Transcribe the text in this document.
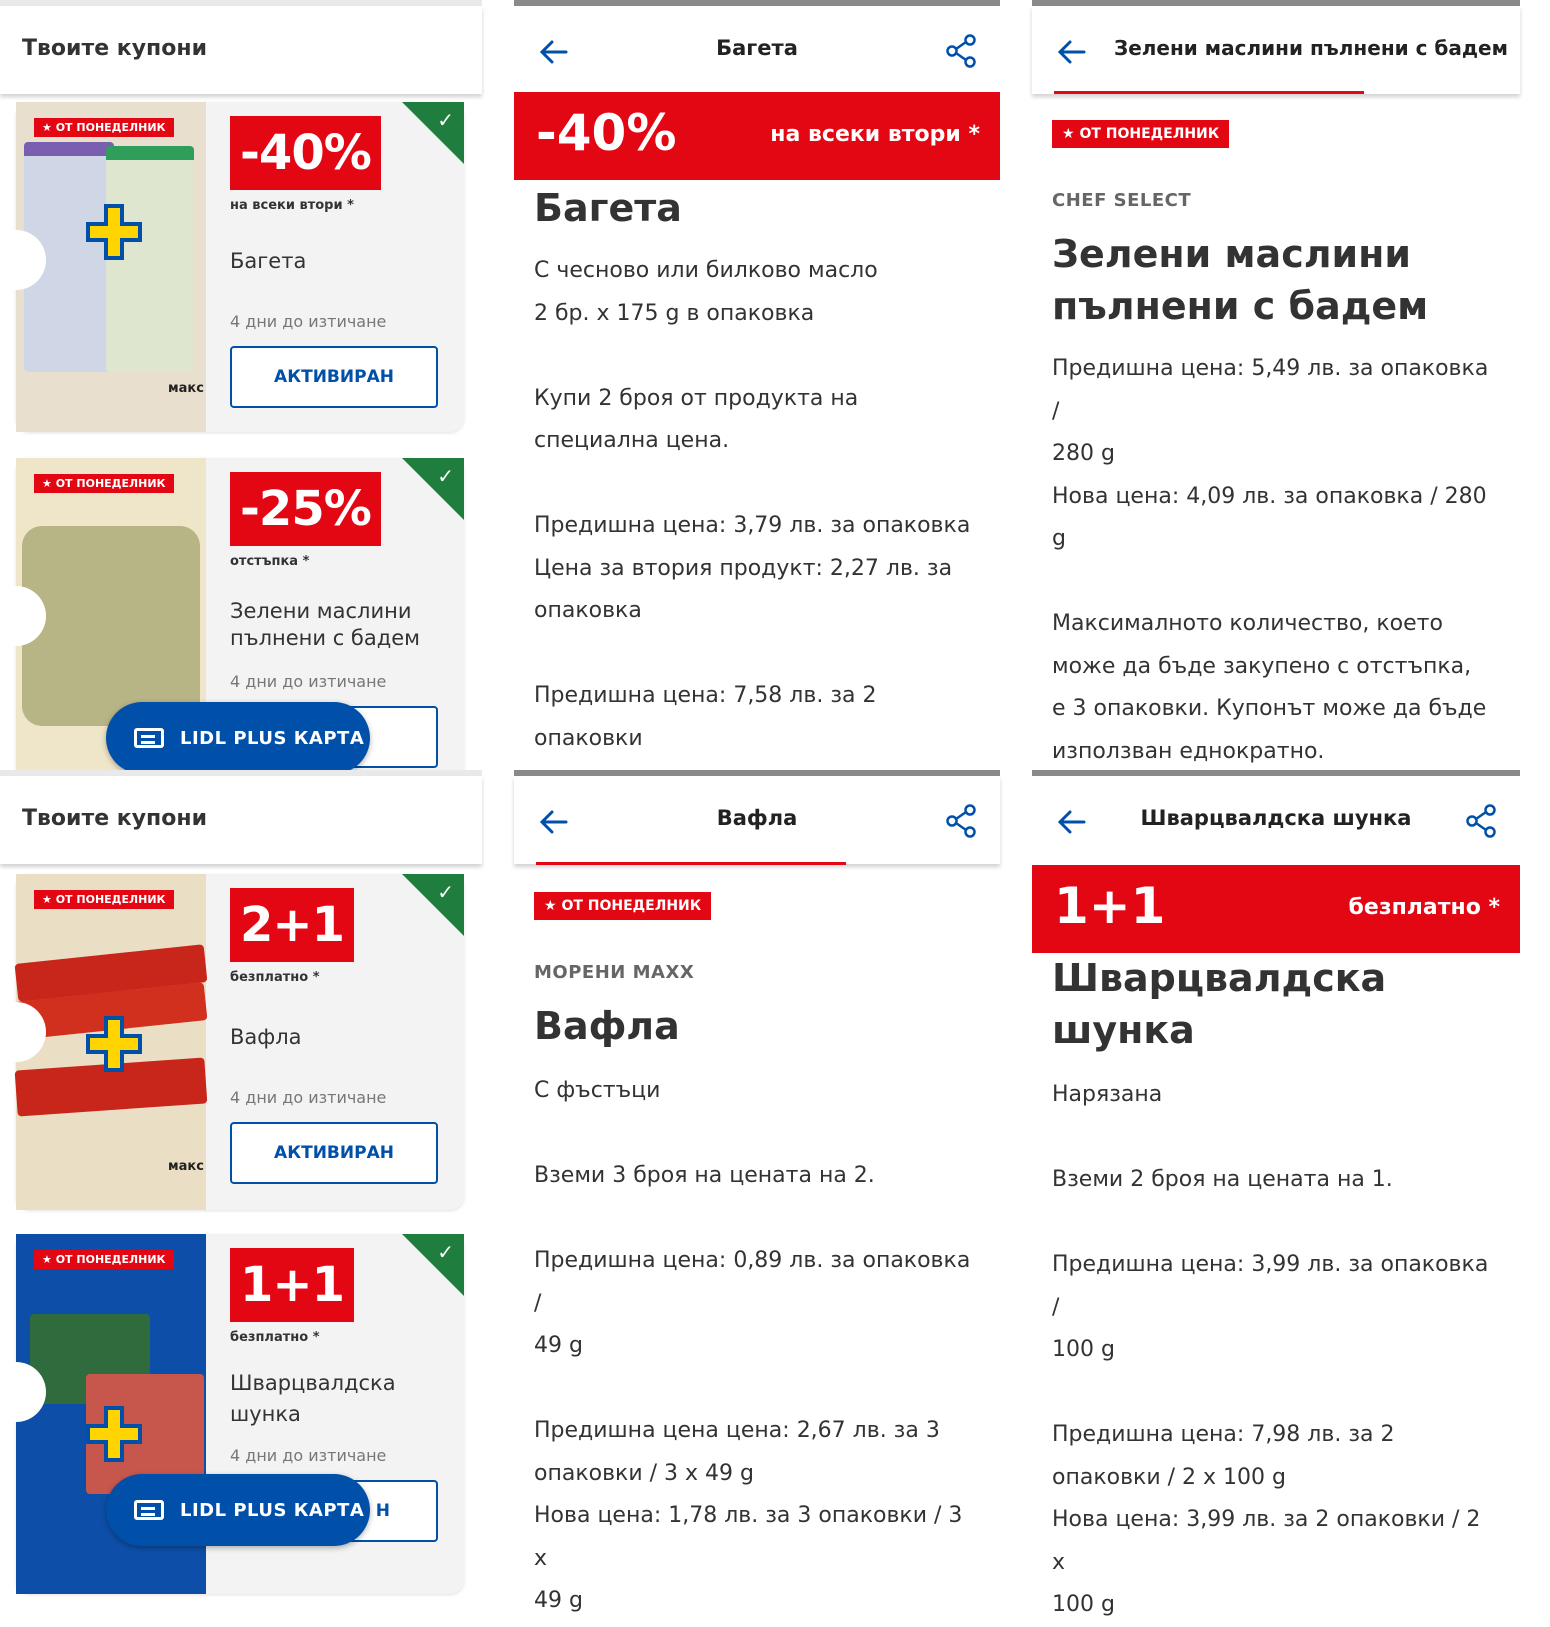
Твоите купони
★ ОТ ПОНЕДЕЛНИК
макс
-40%
на всеки втори *
Багета
4 дни до изтичане
АКТИВИРАН
✓
★ ОТ ПОНЕДЕЛНИК -25%
отстъпка *
Зелени маслини пълнени с бадем
4 дни до изтичане
✓
LIDL PLUS КАРТА
Багета
-40%	на всеки втори *
Багета

С чесново или билково масло

2 бр. x 175 g в опаковка

Купи 2 броя от продукта на

специална цена.

Предишна цена: 3,79 лв. за опаковка

Цена за втория продукт: 2,27 лв. за

опаковка

Предишна цена: 7,58 лв. за 2 опаковки

Зелени маслини пълнени с бадем
★ ОТ ПОНЕДЕЛНИК
CHEF SELECT
Зелени маслини
пълнени с бадем

Предишна цена: 5,49 лв. за опаковка /

280 g

Нова цена: 4,09 лв. за опаковка / 280

g

Максималното количество, което

може да бъде закупено с отстъпка,

е 3 опаковки. Купонът може да бъде

използван еднократно.

Твоите купони
★ ОТ ПОНЕДЕЛНИК
макс
2+1
безплатно *
Вафла
4 дни до изтичане
АКТИВИРАН
✓
★ ОТ ПОНЕДЕЛНИК 1+1
безплатно *
Шварцвалдска шунка
4 дни до изтичане
Н
✓
LIDL PLUS КАРТА
Вафла
★ ОТ ПОНЕДЕЛНИК
МОРЕНИ MAXX
Вафла

С фъстъци

Вземи 3 броя на цената на 2.

Предишна цена: 0,89 лв. за опаковка /

49 g

Предишна цена цена: 2,67 лв. за 3

опаковки / 3 x 49 g

Нова цена: 1,78 лв. за 3 опаковки / 3 x

49 g

Шварцвалдска шунка
1+1	безплатно *
Шварцвалдска
шунка

Нарязана

Вземи 2 броя на цената на 1.

Предишна цена: 3,99 лв. за опаковка /

100 g

Предишна цена: 7,98 лв. за 2

опаковки / 2 x 100 g

Нова цена: 3,99 лв. за 2 опаковки / 2 x

100 g
